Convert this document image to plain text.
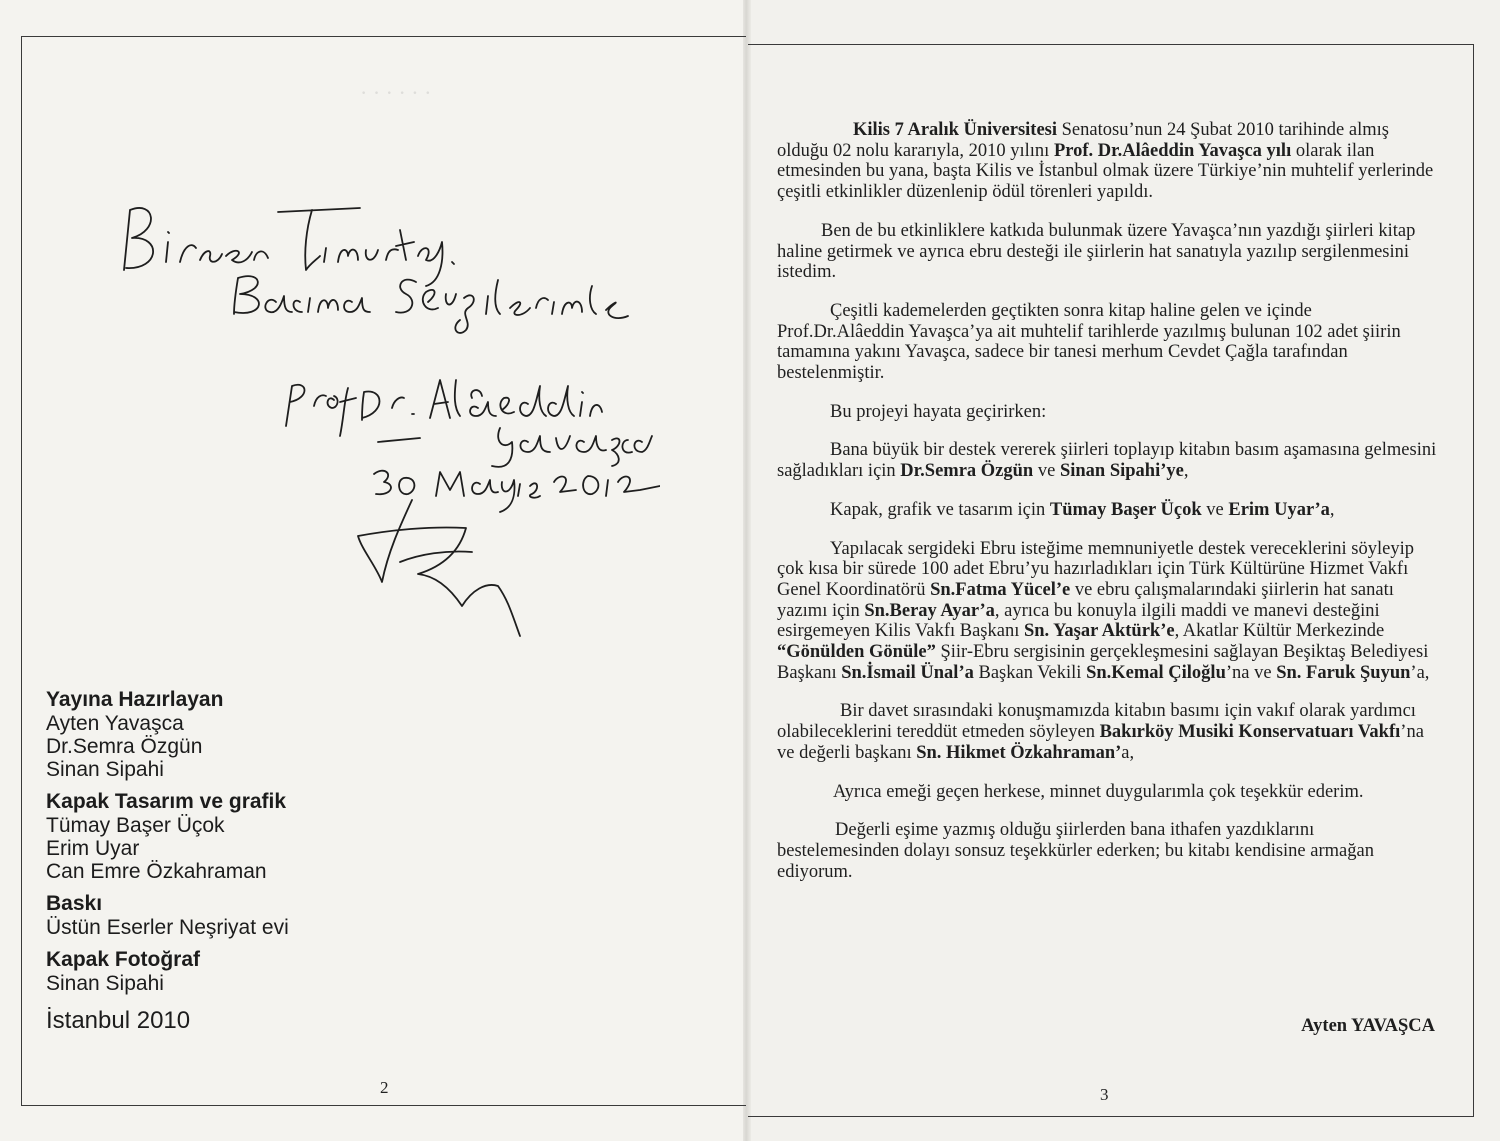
· · · · · ·
Yayına Hazırlayan
Ayten Yavaşca
Dr.Semra Özgün
Sinan Sipahi
Kapak Tasarım ve grafik
Tümay Başer Üçok
Erim Uyar
Can Emre Özkahraman
Baskı
Üstün Eserler Neşriyat evi
Kapak Fotoğraf
Sinan Sipahi
İstanbul 2010
2

Kilis 7 Aralık Üniversitesi Senatosu’nun 24 Şubat 2010 tarihinde almış olduğu 02 nolu kararıyla, 2010 yılını Prof. Dr.Alâeddin Yavaşca yılı olarak ilan etmesinden bu yana, başta Kilis ve İstanbul olmak üzere Türkiye’nin muhtelif yerlerinde çeşitli etkinlikler düzenlenip ödül törenleri yapıldı.

Ben de bu etkinliklere katkıda bulunmak üzere Yavaşca’nın yazdığı şiirleri kitap haline getirmek ve ayrıca ebru desteği ile şiirlerin hat sanatıyla yazılıp sergilenmesini istedim.

Çeşitli kademelerden geçtikten sonra kitap haline gelen ve içinde Prof.Dr.Alâeddin Yavaşca’ya ait muhtelif tarihlerde yazılmış bulunan 102 adet şiirin tamamına yakını Yavaşca, sadece bir tanesi merhum Cevdet Çağla tarafından bestelenmiştir.

Bu projeyi hayata geçirirken:

Bana büyük bir destek vererek şiirleri toplayıp kitabın basım aşamasına gelmesini sağladıkları için Dr.Semra Özgün ve Sinan Sipahi’ye,

Kapak, grafik ve tasarım için Tümay Başer Üçok ve Erim Uyar’a,

Yapılacak sergideki Ebru isteğime memnuniyetle destek vereceklerini söyleyip çok kısa bir sürede 100 adet Ebru’yu hazırladıkları için Türk Kültürüne Hizmet Vakfı Genel Koordinatörü Sn.Fatma Yücel’e ve ebru çalışmalarındaki şiirlerin hat sanatı yazımı için Sn.Beray Ayar’a, ayrıca bu konuyla ilgili maddi ve manevi desteğini esirgemeyen Kilis Vakfı Başkanı Sn. Yaşar Aktürk’e, Akatlar Kültür Merkezinde “Gönülden Gönüle” Şiir-Ebru sergisinin gerçekleşmesini sağlayan Beşiktaş Belediyesi Başkanı Sn.İsmail Ünal’a Başkan Vekili Sn.Kemal Çiloğlu’na ve Sn. Faruk Şuyun’a,

Bir davet sırasındaki konuşmamızda kitabın basımı için vakıf olarak yardımcı olabileceklerini tereddüt etmeden söyleyen Bakırköy Musiki Konservatuarı Vakfı’na ve değerli başkanı Sn. Hikmet Özkahraman’a,

Ayrıca emeği geçen herkese, minnet duygularımla çok teşekkür ederim.

Değerli eşime yazmış olduğu şiirlerden bana ithafen yazdıklarını bestelemesinden dolayı sonsuz teşekkürler ederken; bu kitabı kendisine armağan ediyorum.

Ayten YAVAŞCA
3
